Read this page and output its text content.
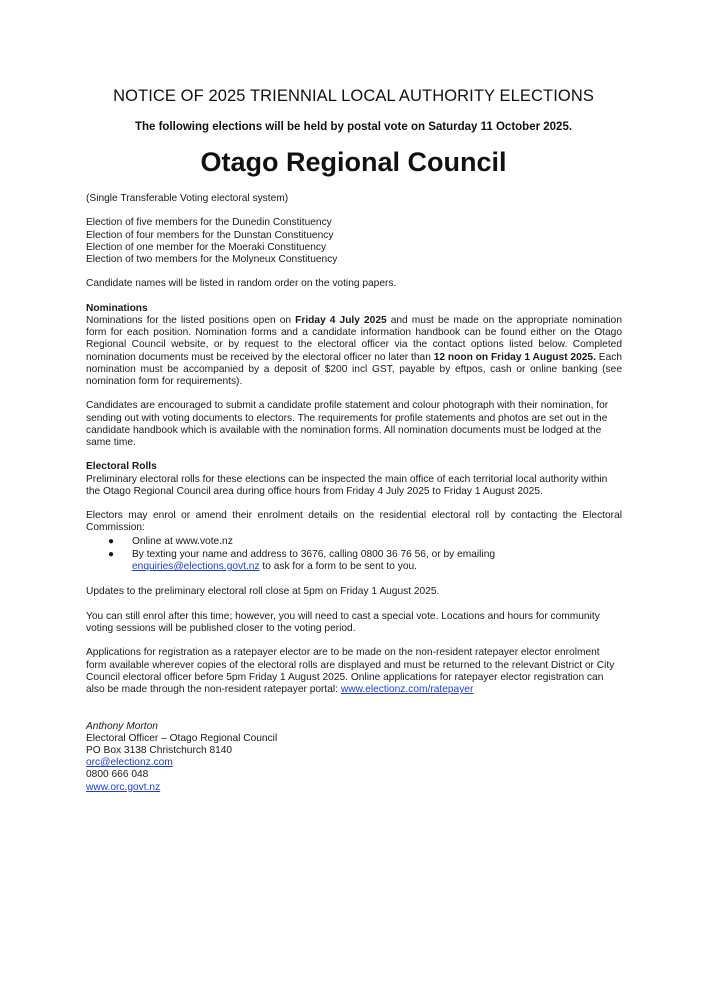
NOTICE OF 2025 TRIENNIAL LOCAL AUTHORITY ELECTIONS
The following elections will be held by postal vote on Saturday 11 October 2025.
Otago Regional Council

(Single Transferable Voting electoral system)

Election of five members for the Dunedin Constituency

Election of four members for the Dunstan Constituency

Election of one member for the Moeraki Constituency

Election of two members for the Molyneux Constituency

Candidate names will be listed in random order on the voting papers.

Nominations

Nominations for the listed positions open on Friday 4 July 2025 and must be made on the appropriate nomination form for each position. Nomination forms and a candidate information handbook can be found either on the Otago Regional Council website, or by request to the electoral officer via the contact options listed below. Completed nomination documents must be received by the electoral officer no later than 12 noon on Friday 1 August 2025. Each nomination must be accompanied by a deposit of $200 incl GST, payable by eftpos, cash or online banking (see nomination form for requirements).

Candidates are encouraged to submit a candidate profile statement and colour photograph with their nomination, for sending out with voting documents to electors. The requirements for profile statements and photos are set out in the candidate handbook which is available with the nomination forms. All nomination documents must be lodged at the same time.

Electoral Rolls

Preliminary electoral rolls for these elections can be inspected the main office of each territorial local authority within the Otago Regional Council area during office hours from Friday 4 July 2025 to Friday 1 August 2025.

Electors may enrol or amend their enrolment details on the residential electoral roll by contacting the Electoral Commission:

● Online at www.vote.nz
● By texting your name and address to 3676, calling 0800 36 76 56, or by emailing enquiries@elections.govt.nz to ask for a form to be sent to you.

Updates to the preliminary electoral roll close at 5pm on Friday 1 August 2025.

You can still enrol after this time; however, you will need to cast a special vote. Locations and hours for community voting sessions will be published closer to the voting period.

Applications for registration as a ratepayer elector are to be made on the non-resident ratepayer elector enrolment form available wherever copies of the electoral rolls are displayed and must be returned to the relevant District or City Council electoral officer before 5pm Friday 1 August 2025. Online applications for ratepayer elector registration can also be made through the non-resident ratepayer portal: www.electionz.com/ratepayer

Anthony Morton

Electoral Officer – Otago Regional Council

PO Box 3138 Christchurch 8140

orc@electionz.com

0800 666 048

www.orc.govt.nz
